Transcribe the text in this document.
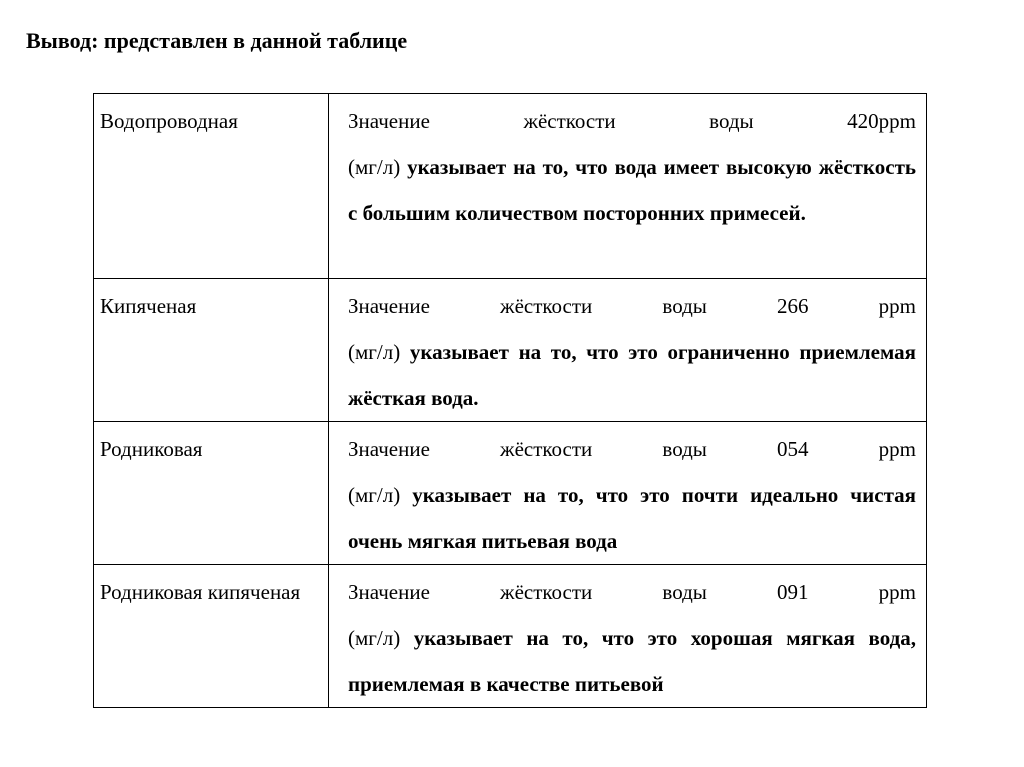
Вывод: представлен в данной таблице
Водопроводная	Значение жёсткости воды 420ppm
(мг/л) указывает на то, что вода имеет высокую жёсткость с большим количеством посторонних примесей.
Кипяченая	Значение жёсткости воды 266 ppm
(мг/л) указывает на то, что это ограниченно приемлемая жёсткая вода.
Родниковая	Значение жёсткости воды 054 ppm
(мг/л) указывает на то, что это почти идеально чистая очень мягкая питьевая вода
Родниковая кипяченая	Значение жёсткости воды 091 ppm
(мг/л) указывает на то, что это хорошая мягкая вода, приемлемая в качестве питьевой
